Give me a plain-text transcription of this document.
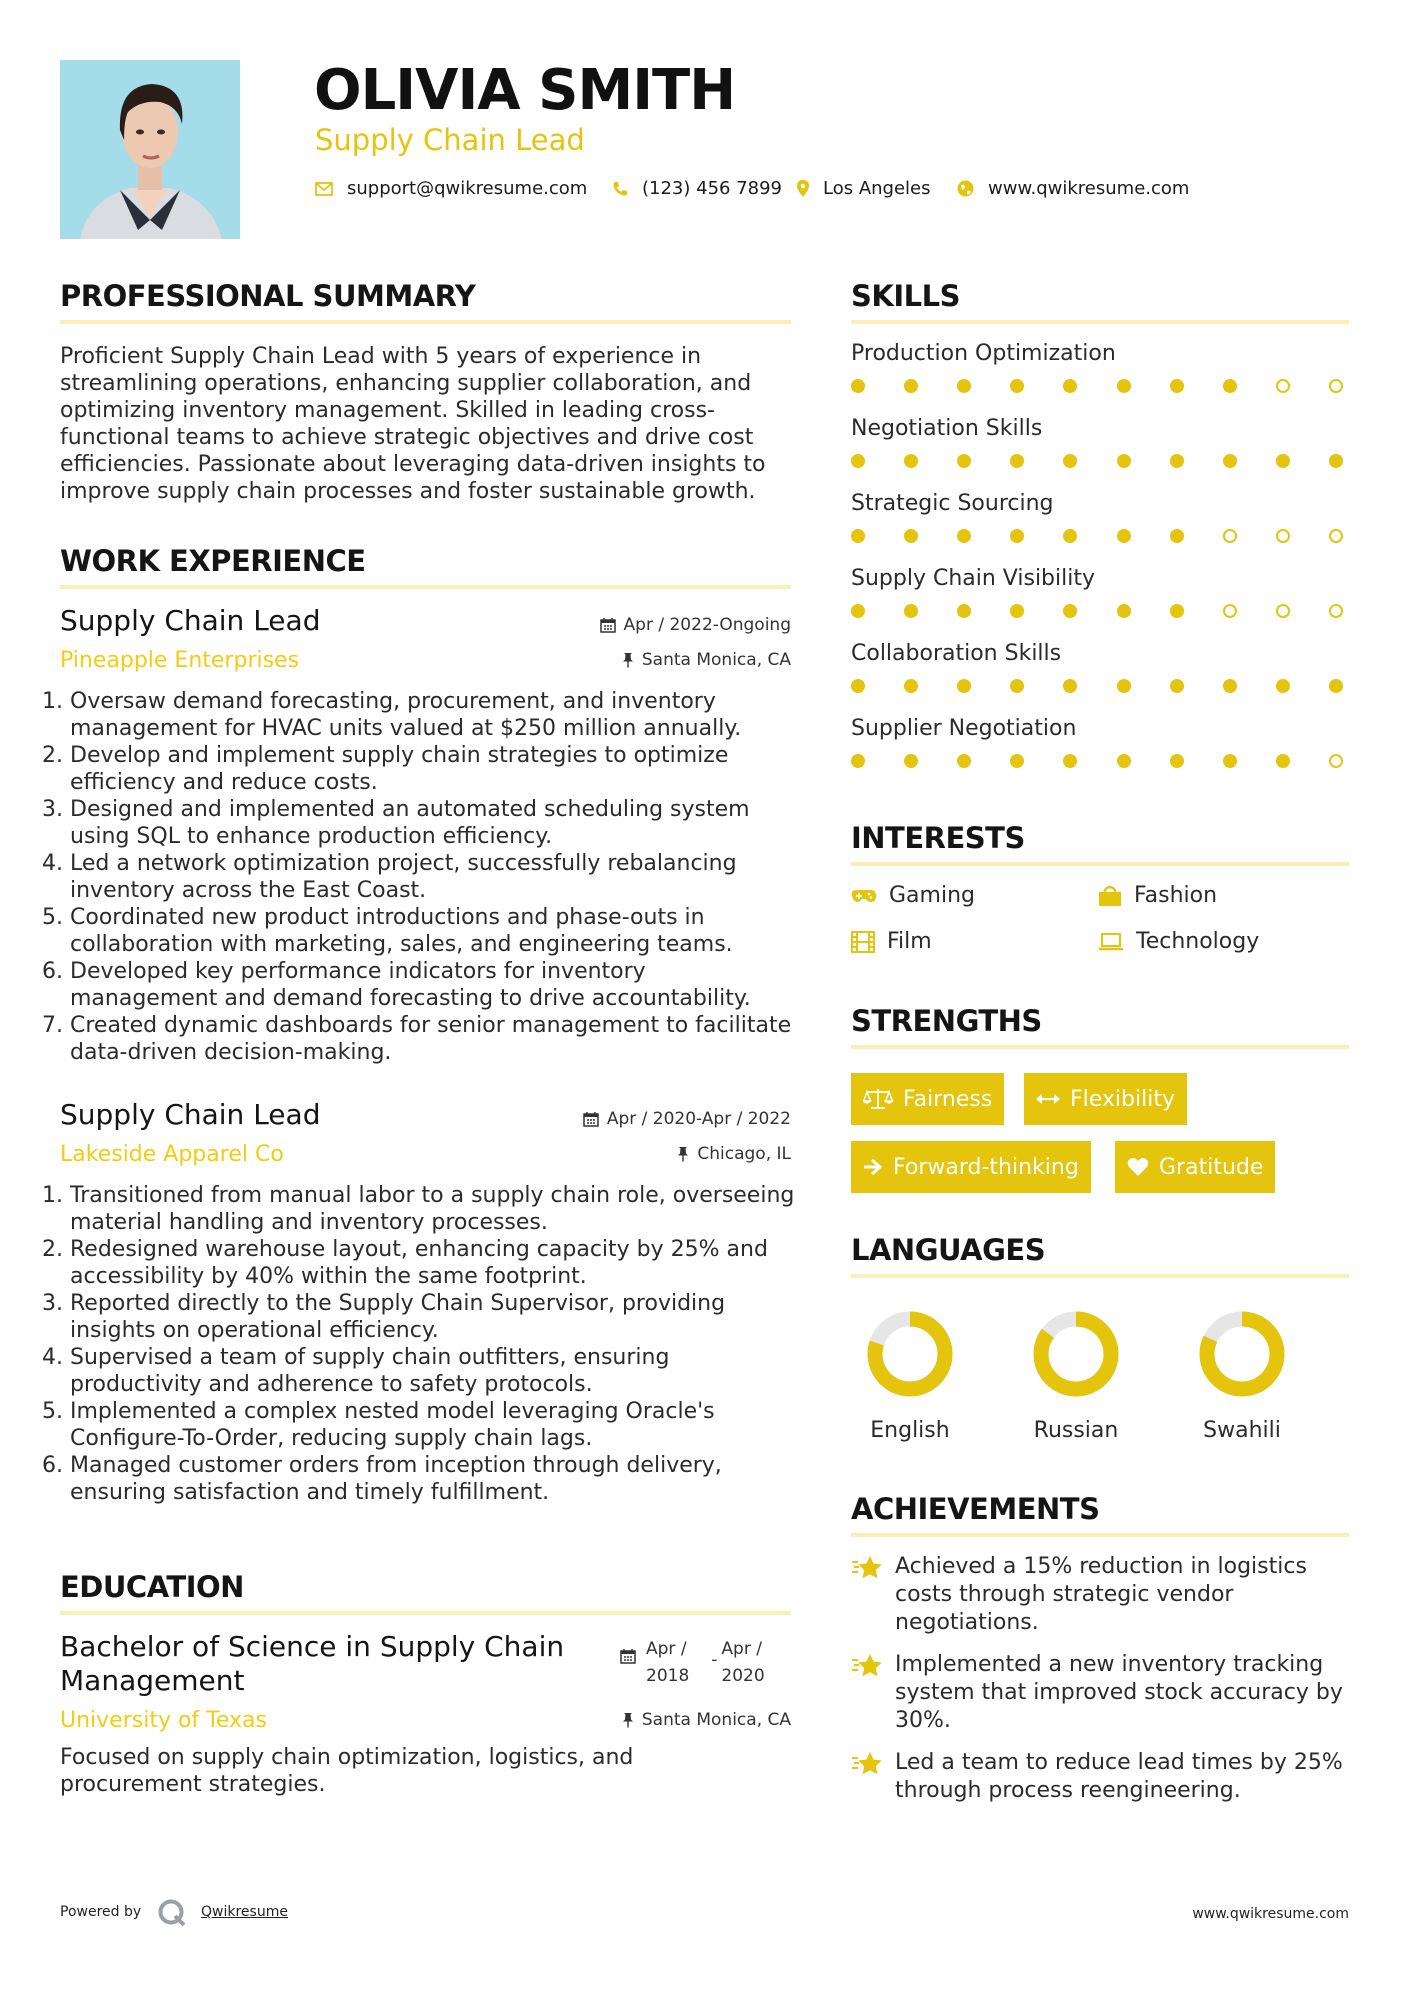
OLIVIA SMITH
Supply Chain Lead
support@qwikresume.com	(123) 456 7899 Los Angeles	www.qwikresume.com
PROFESSIONAL SUMMARY
Proficient Supply Chain Lead with 5 years of experience in streamlining operations, enhancing supplier collaboration, and optimizing inventory management. Skilled in leading cross-functional teams to achieve strategic objectives and drive cost efficiencies. Passionate about leveraging data-driven insights to improve supply chain processes and foster sustainable growth.
WORK EXPERIENCE
Supply Chain Lead
Pineapple Enterprises
Apr / 2022-Ongoing
Santa Monica, CA
1. Oversaw demand forecasting, procurement, and inventory management for HVAC units valued at $250 million annually.
2. Develop and implement supply chain strategies to optimize efficiency and reduce costs.
3. Designed and implemented an automated scheduling system using SQL to enhance production efficiency.
4. Led a network optimization project, successfully rebalancing inventory across the East Coast.
5. Coordinated new product introductions and phase-outs in collaboration with marketing, sales, and engineering teams.
6. Developed key performance indicators for inventory management and demand forecasting to drive accountability.
7. Created dynamic dashboards for senior management to facilitate data-driven decision-making.
Supply Chain Lead
Lakeside Apparel Co
Apr / 2020-Apr / 2022
Chicago, IL
1. Transitioned from manual labor to a supply chain role, overseeing material handling and inventory processes.
2. Redesigned warehouse layout, enhancing capacity by 25% and accessibility by 40% within the same footprint.
3. Reported directly to the Supply Chain Supervisor, providing insights on operational efficiency.
4. Supervised a team of supply chain outfitters, ensuring productivity and adherence to safety protocols.
5. Implemented a complex nested model leveraging Oracle's Configure-To-Order, reducing supply chain lags.
6. Managed customer orders from inception through delivery, ensuring satisfaction and timely fulfillment.
EDUCATION
Bachelor of Science in Supply Chain Management
University of Texas
Apr /
2018
-
Apr /
2020
Santa Monica, CA
Focused on supply chain optimization, logistics, and procurement strategies.
SKILLS
Production Optimization
Negotiation Skills
Strategic Sourcing
Supply Chain Visibility
Collaboration Skills
Supplier Negotiation
INTERESTS
Gaming	Fashion
Film	Technology
STRENGTHS
Fairness	Flexibility
Forward-thinking	Gratitude
LANGUAGES
English	Russian	Swahili
ACHIEVEMENTS
Achieved a 15% reduction in logistics costs through strategic vendor negotiations.
Implemented a new inventory tracking system that improved stock accuracy by 30%.
Led a team to reduce lead times by 25% through process reengineering.
Powered by	Qwikresume	www.qwikresume.com
